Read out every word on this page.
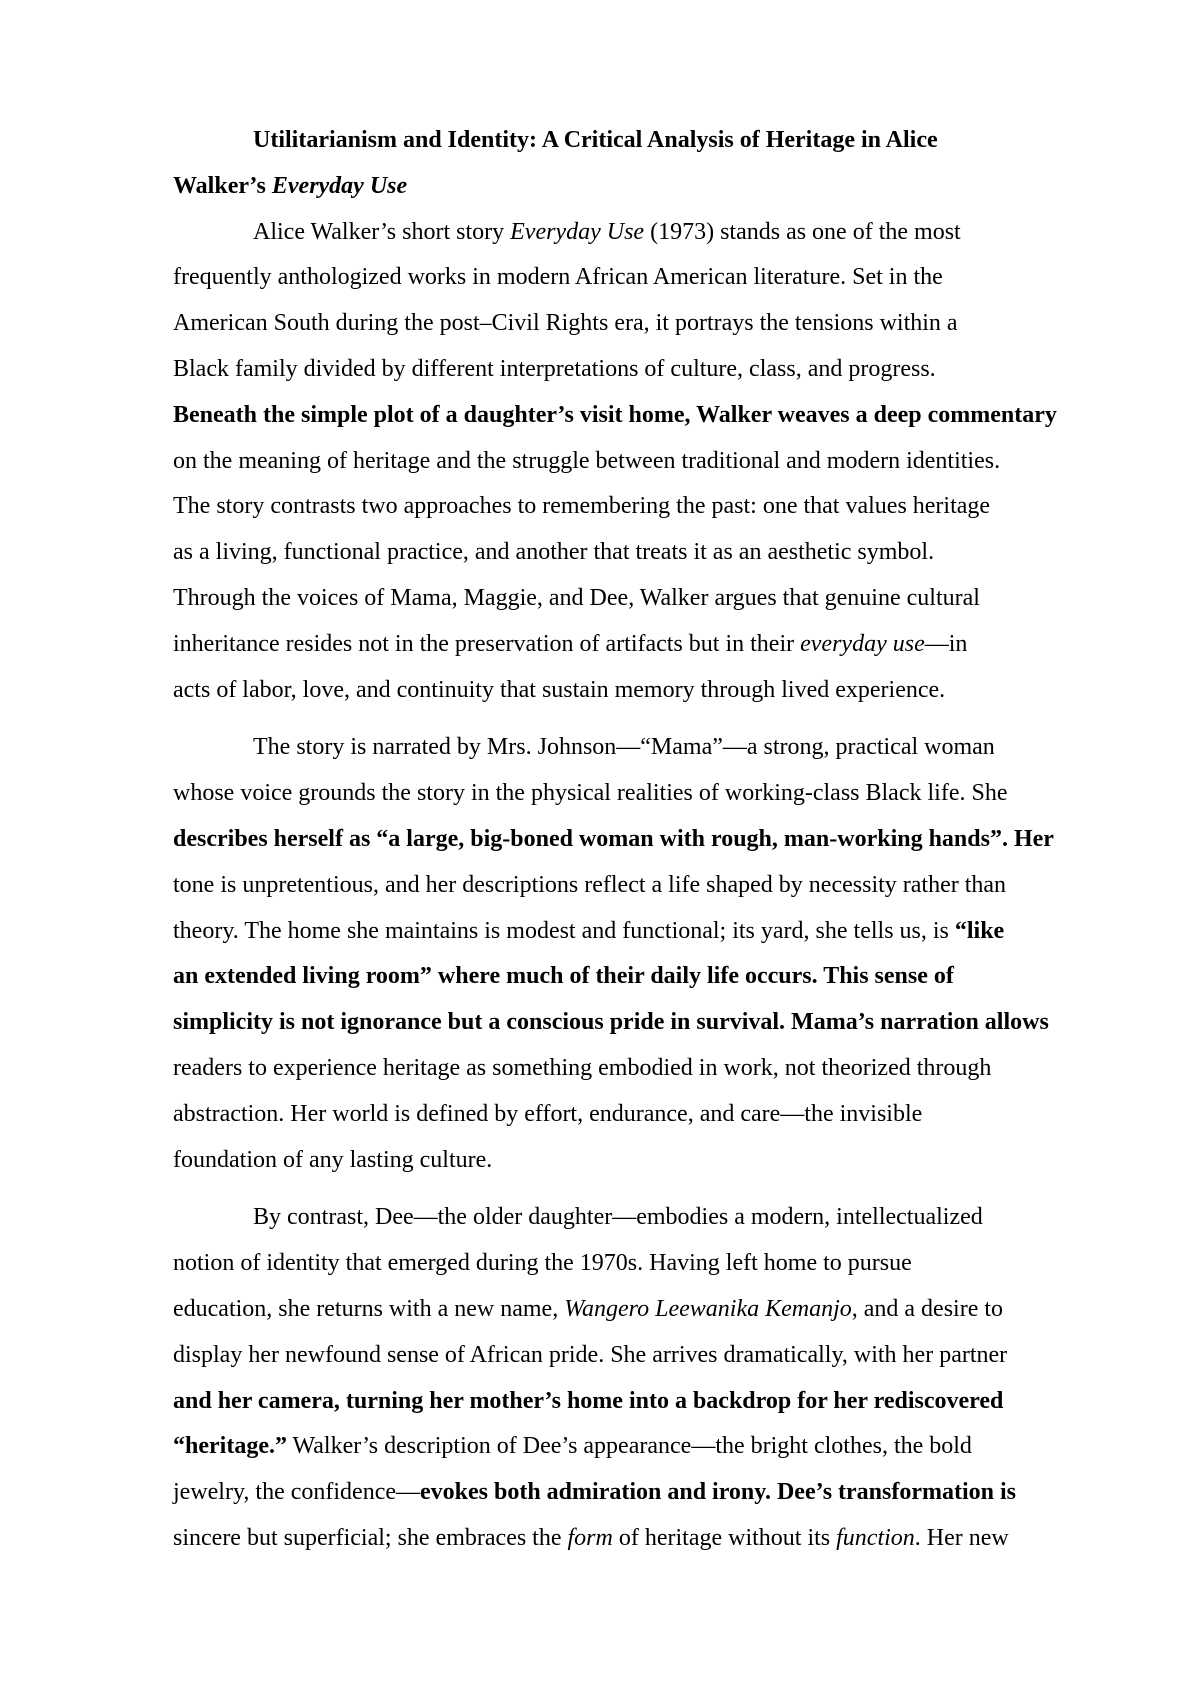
Utilitarianism and Identity: A Critical Analysis of Heritage in Alice
Walker’s Everyday Use
Alice Walker’s short story Everyday Use (1973) stands as one of the most
frequently anthologized works in modern African American literature. Set in the
American South during the post–Civil Rights era, it portrays the tensions within a
Black family divided by different interpretations of culture, class, and progress.
Beneath the simple plot of a daughter’s visit home, Walker weaves a deep commentary
on the meaning of heritage and the struggle between traditional and modern identities.
The story contrasts two approaches to remembering the past: one that values heritage
as a living, functional practice, and another that treats it as an aesthetic symbol.
Through the voices of Mama, Maggie, and Dee, Walker argues that genuine cultural
inheritance resides not in the preservation of artifacts but in their everyday use—in
acts of labor, love, and continuity that sustain memory through lived experience.
The story is narrated by Mrs. Johnson—“Mama”—a strong, practical woman
whose voice grounds the story in the physical realities of working-class Black life. She
describes herself as “a large, big-boned woman with rough, man-working hands”. Her
tone is unpretentious, and her descriptions reflect a life shaped by necessity rather than
theory. The home she maintains is modest and functional; its yard, she tells us, is “like
an extended living room” where much of their daily life occurs. This sense of
simplicity is not ignorance but a conscious pride in survival. Mama’s narration allows
readers to experience heritage as something embodied in work, not theorized through
abstraction. Her world is defined by effort, endurance, and care—the invisible
foundation of any lasting culture.
By contrast, Dee—the older daughter—embodies a modern, intellectualized
notion of identity that emerged during the 1970s. Having left home to pursue
education, she returns with a new name, Wangero Leewanika Kemanjo, and a desire to
display her newfound sense of African pride. She arrives dramatically, with her partner
and her camera, turning her mother’s home into a backdrop for her rediscovered
“heritage.” Walker’s description of Dee’s appearance—the bright clothes, the bold
jewelry, the confidence—evokes both admiration and irony. Dee’s transformation is
sincere but superficial; she embraces the form of heritage without its function. Her new
